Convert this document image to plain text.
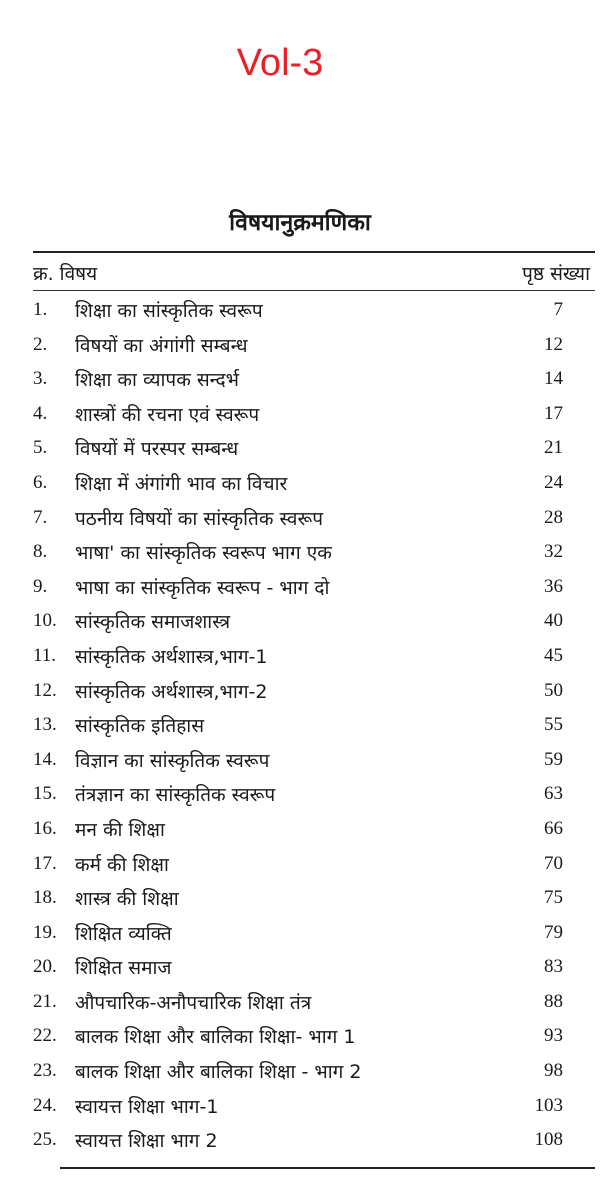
Vol-3
विषयानुक्रमणिका
क्र. विषय	पृष्ठ संख्या
1. शिक्षा का सांस्कृतिक स्वरूप	7
2. विषयों का अंगांगी सम्बन्ध	12
3. शिक्षा का व्यापक सन्दर्भ	14
4. शास्त्रों की रचना एवं स्वरूप	17
5. विषयों में परस्पर सम्बन्ध	21
6. शिक्षा में अंगांगी भाव का विचार	24
7. पठनीय विषयों का सांस्कृतिक स्वरूप	28
8. भाषा' का सांस्कृतिक स्वरूप भाग एक	32
9. भाषा का सांस्कृतिक स्वरूप - भाग दो	36
10. सांस्कृतिक समाजशास्त्र	40
11. सांस्कृतिक अर्थशास्त्र,भाग-1	45
12. सांस्कृतिक अर्थशास्त्र,भाग-2	50
13. सांस्कृतिक इतिहास	55
14. विज्ञान का सांस्कृतिक स्वरूप	59
15. तंत्रज्ञान का सांस्कृतिक स्वरूप	63
16. मन की शिक्षा	66
17. कर्म की शिक्षा	70
18. शास्त्र की शिक्षा	75
19. शिक्षित व्यक्ति	79
20. शिक्षित समाज	83
21. औपचारिक-अनौपचारिक शिक्षा तंत्र	88
22. बालक शिक्षा और बालिका शिक्षा- भाग 1	93
23. बालक शिक्षा और बालिका शिक्षा - भाग 2	98
24. स्वायत्त शिक्षा भाग-1	103
25. स्वायत्त शिक्षा भाग 2	108
